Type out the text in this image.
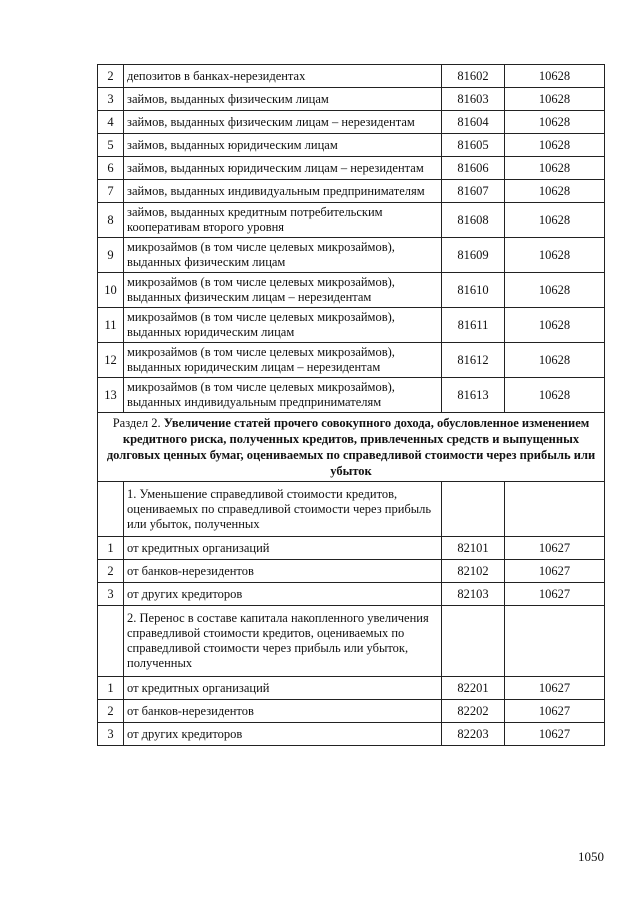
2	депозитов в банках-нерезидентах	81602	10628
3	займов, выданных физическим лицам	81603	10628
4	займов, выданных физическим лицам – нерезидентам	81604	10628
5	займов, выданных юридическим лицам	81605	10628
6	займов, выданных юридическим лицам – нерезидентам	81606	10628
7	займов, выданных индивидуальным предпринимателям	81607	10628
8	займов, выданных кредитным потребительским кооперативам второго уровня	81608	10628
9	микрозаймов (в том числе целевых микрозаймов), выданных физическим лицам	81609	10628
10	микрозаймов (в том числе целевых микрозаймов), выданных физическим лицам – нерезидентам	81610	10628
11	микрозаймов (в том числе целевых микрозаймов), выданных юридическим лицам	81611	10628
12	микрозаймов (в том числе целевых микрозаймов), выданных юридическим лицам – нерезидентам	81612	10628
13	микрозаймов (в том числе целевых микрозаймов), выданных индивидуальным предпринимателям	81613	10628
Раздел 2. Увеличение статей прочего совокупного дохода, обусловленное изменением кредитного риска, полученных кредитов, привлеченных средств и выпущенных долговых ценных бумаг, оцениваемых по справедливой стоимости через прибыль или убыток			
	1. Уменьшение справедливой стоимости кредитов, оцениваемых по справедливой стоимости через прибыль или убыток, полученных		
1	от кредитных организаций	82101	10627
2	от банков-нерезидентов	82102	10627
3	от других кредиторов	82103	10627
	2. Перенос в составе капитала накопленного увеличения справедливой стоимости кредитов, оцениваемых по справедливой стоимости через прибыль или убыток, полученных		
1	от кредитных организаций	82201	10627
2	от банков-нерезидентов	82202	10627
3	от других кредиторов	82203	10627
1050
